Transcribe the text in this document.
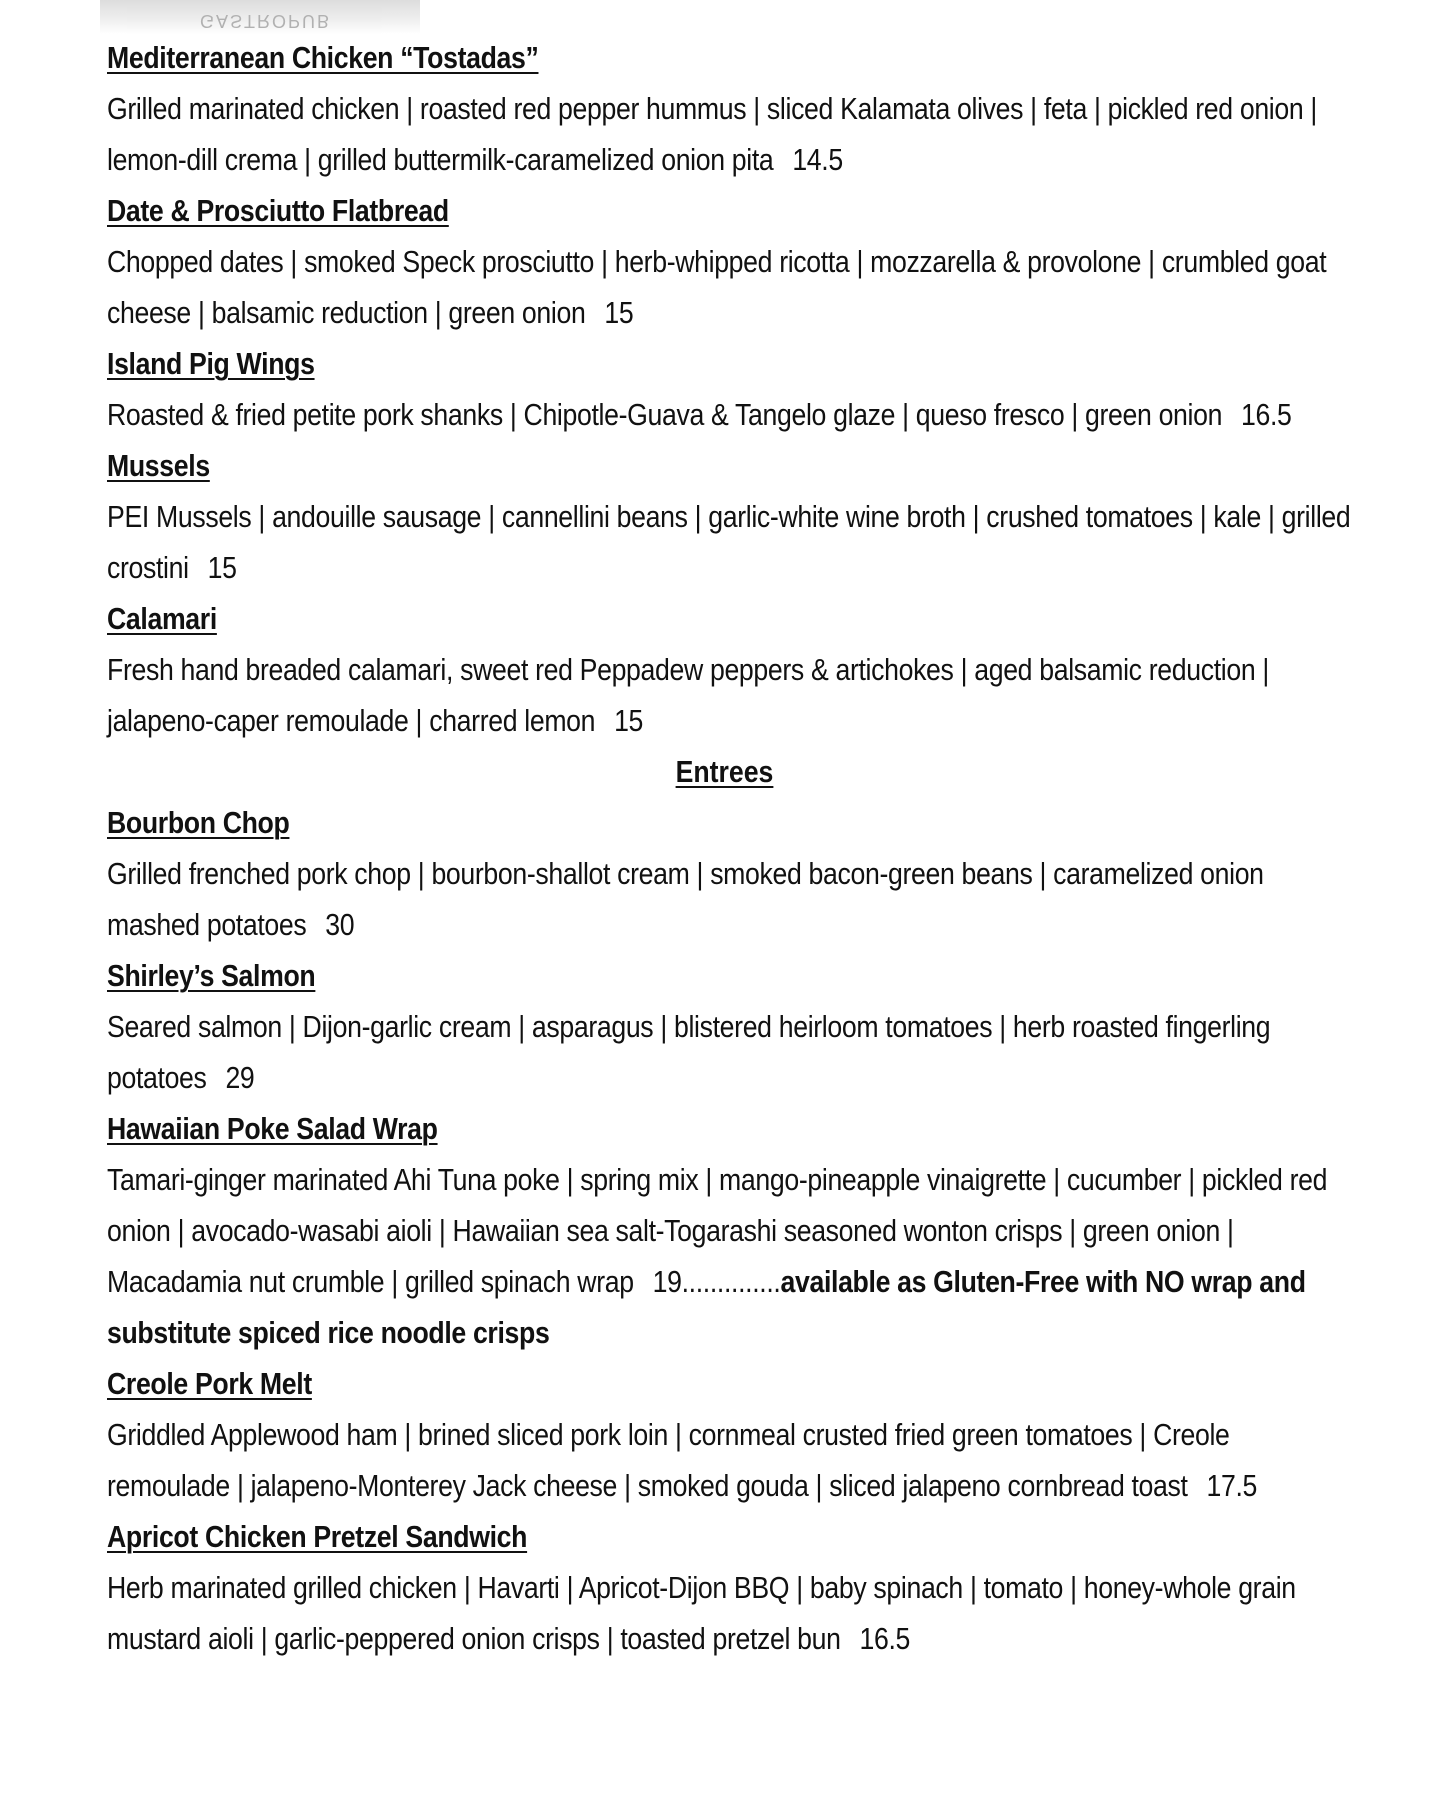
GASTROPUB
Mediterranean Chicken “Tostadas”
Grilled marinated chicken | roasted red pepper hummus | sliced Kalamata olives | feta | pickled red onion | lemon-dill crema | grilled buttermilk-caramelized onion pita 14.5
Date & Prosciutto Flatbread
Chopped dates | smoked Speck prosciutto | herb-whipped ricotta | mozzarella & provolone | crumbled goat cheese | balsamic reduction | green onion 15
Island Pig Wings
Roasted & fried petite pork shanks | Chipotle-Guava & Tangelo glaze | queso fresco | green onion 16.5
Mussels
PEI Mussels | andouille sausage | cannellini beans | garlic-white wine broth | crushed tomatoes | kale | grilled crostini 15
Calamari
Fresh hand breaded calamari, sweet red Peppadew peppers & artichokes | aged balsamic reduction | jalapeno-caper remoulade | charred lemon 15
Entrees
Bourbon Chop
Grilled frenched pork chop | bourbon-shallot cream | smoked bacon-green beans | caramelized onion mashed potatoes 30
Shirley’s Salmon
Seared salmon | Dijon-garlic cream | asparagus | blistered heirloom tomatoes | herb roasted fingerling potatoes 29
Hawaiian Poke Salad Wrap
Tamari-ginger marinated Ahi Tuna poke | spring mix | mango-pineapple vinaigrette | cucumber | pickled red onion | avocado-wasabi aioli | Hawaiian sea salt-Togarashi seasoned wonton crisps | green onion | Macadamia nut crumble | grilled spinach wrap 19..............available as Gluten-Free with NO wrap and substitute spiced rice noodle crisps
Creole Pork Melt
Griddled Applewood ham | brined sliced pork loin | cornmeal crusted fried green tomatoes | Creole remoulade | jalapeno-Monterey Jack cheese | smoked gouda | sliced jalapeno cornbread toast 17.5
Apricot Chicken Pretzel Sandwich
Herb marinated grilled chicken | Havarti | Apricot-Dijon BBQ | baby spinach | tomato | honey-whole grain mustard aioli | garlic-peppered onion crisps | toasted pretzel bun 16.5
